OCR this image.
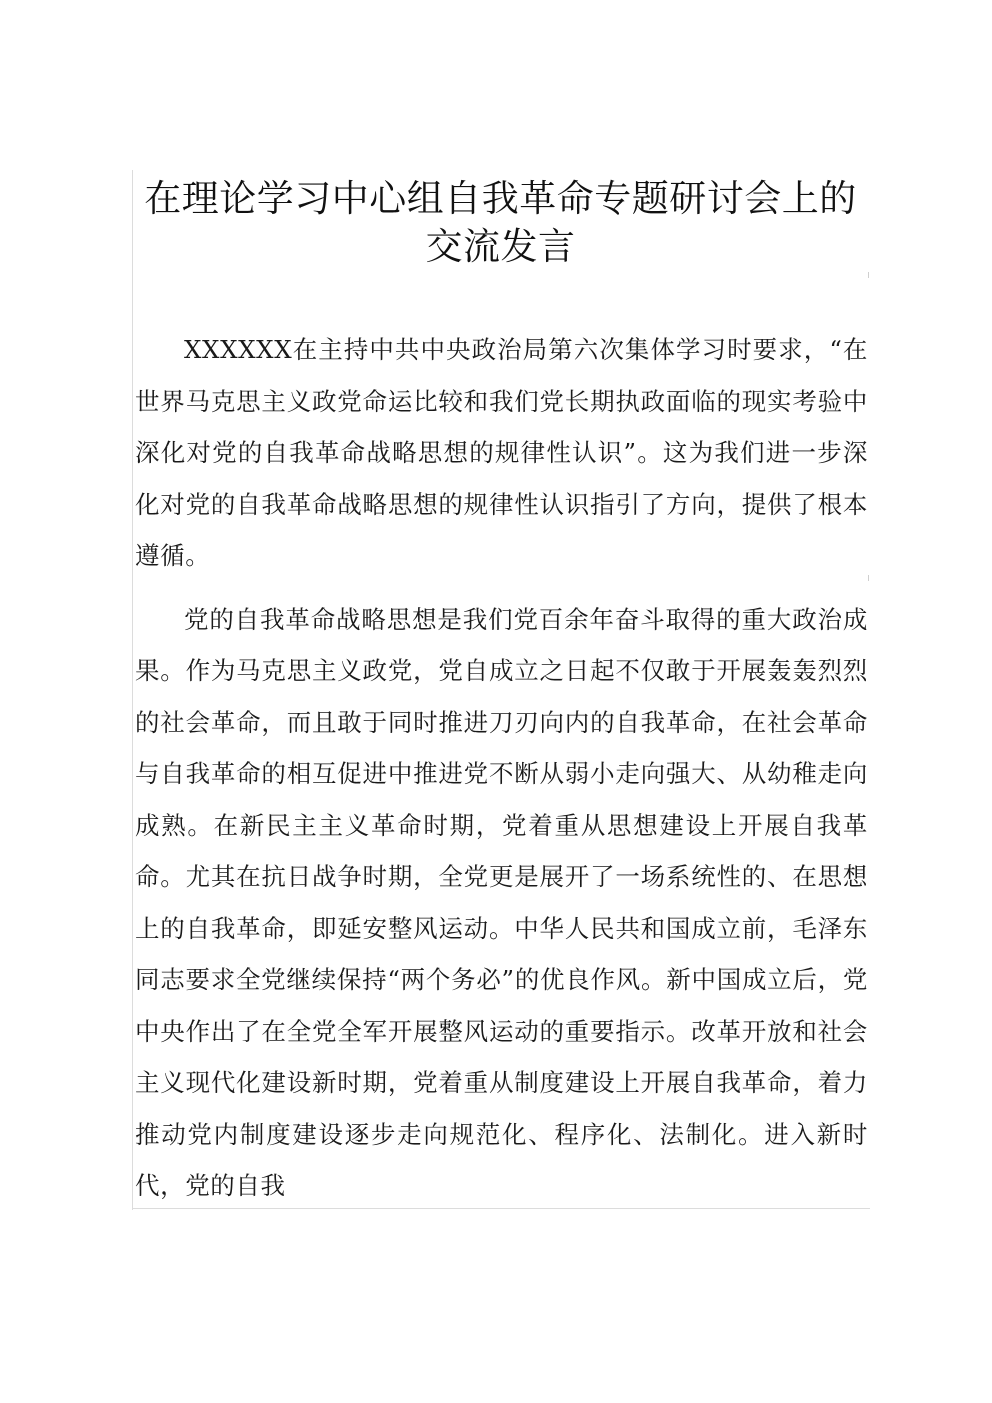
在理论学习中心组自我革命专题研讨会上的交流发言

XXXXXX在主持中共中央政治局第六次集体学习时要求，“在世界马克思主义政党命运比较和我们党长期执政面临的现实考验中深化对党的自我革命战略思想的规律性认识”。这为我们进一步深化对党的自我革命战略思想的规律性认识指引了方向，提供了根本遵循。

党的自我革命战略思想是我们党百余年奋斗取得的重大政治成果。作为马克思主义政党，党自成立之日起不仅敢于开展轰轰烈烈的社会革命，而且敢于同时推进刀刃向内的自我革命，在社会革命与自我革命的相互促进中推进党不断从弱小走向强大、从幼稚走向成熟。在新民主主义革命时期，党着重从思想建设上开展自我革命。尤其在抗日战争时期，全党更是展开了一场系统性的、在思想上的自我革命，即延安整风运动。中华人民共和国成立前，毛泽东同志要求全党继续保持“两个务必”的优良作风。新中国成立后，党中央作出了在全党全军开展整风运动的重要指示。改革开放和社会主义现代化建设新时期，党着重从制度建设上开展自我革命，着力推动党内制度建设逐步走向规范化、程序化、法制化。进入新时代，党的自我
